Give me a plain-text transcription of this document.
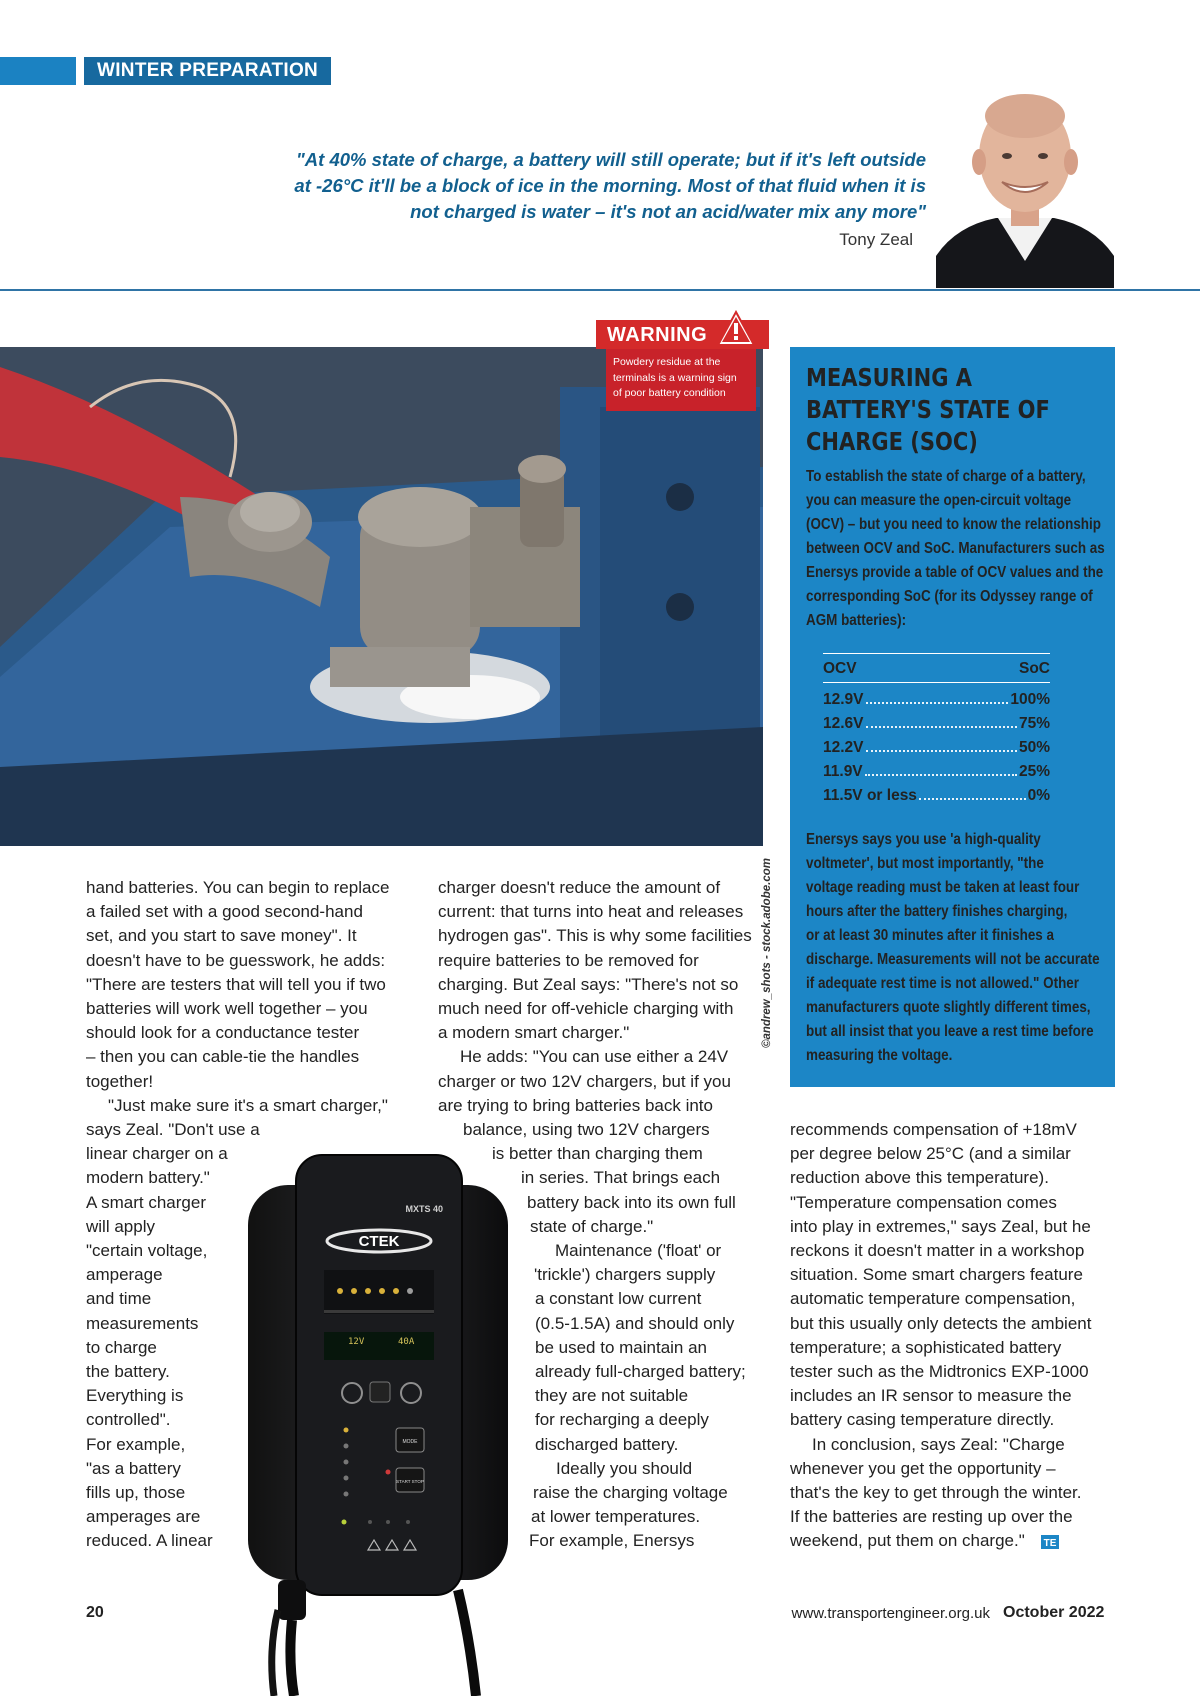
WINTER PREPARATION
"At 40% state of charge, a battery will still operate; but if it's left outside
at -26°C it'll be a block of ice in the morning. Most of that fluid when it is
not charged is water – it's not an acid/water mix any more"
Tony Zeal
©andrew_shots - stock.adobe.com
WARNING
Powdery residue at the
terminals is a warning sign
of poor battery condition
MEASURING A
BATTERY'S STATE OF
CHARGE (SOC)
To establish the state of charge of a battery,
you can measure the open-circuit voltage
(OCV) – but you need to know the relationship
between OCV and SoC. Manufacturers such as
Enersys provide a table of OCV values and the
corresponding SoC (for its Odyssey range of
AGM batteries):
OCV	SoC
12.9V	100%
12.6V	75%
12.2V	50%
11.9V	25%
11.5V or less	0%
Enersys says you use 'a high-quality
voltmeter', but most importantly, "the
voltage reading must be taken at least four
hours after the battery finishes charging,
or at least 30 minutes after it finishes a
discharge. Measurements will not be accurate
if adequate rest time is not allowed." Other
manufacturers quote slightly different times,
but all insist that you leave a rest time before
measuring the voltage.
hand batteries. You can begin to replace
a failed set with a good second-hand
set, and you start to save money". It
doesn't have to be guesswork, he adds:
"There are testers that will tell you if two
batteries will work well together – you
should look for a conductance tester
– then you can cable-tie the handles
together!
"Just make sure it's a smart charger,"
says Zeal. "Don't use a
linear charger on a
modern battery."
A smart charger
will apply
"certain voltage,
amperage
and time
measurements
to charge
the battery.
Everything is
controlled".
For example,
"as a battery
fills up, those
amperages are
reduced. A linear
charger doesn't reduce the amount of
current: that turns into heat and releases
hydrogen gas". This is why some facilities
require batteries to be removed for
charging. But Zeal says: "There's not so
much need for off-vehicle charging with
a modern smart charger."
He adds: "You can use either a 24V
charger or two 12V chargers, but if you
are trying to bring batteries back into
balance, using two 12V chargers
is better than charging them
in series. That brings each
battery back into its own full
state of charge."
Maintenance ('float' or
'trickle') chargers supply
a constant low current
(0.5-1.5A) and should only
be used to maintain an
already full-charged battery;
they are not suitable
for recharging a deeply
discharged battery.
Ideally you should
raise the charging voltage
at lower temperatures.
For example, Enersys
recommends compensation of +18mV
per degree below 25°C (and a similar
reduction above this temperature).
"Temperature compensation comes
into play in extremes," says Zeal, but he
reckons it doesn't matter in a workshop
situation. Some smart chargers feature
automatic temperature compensation,
but this usually only detects the ambient
temperature; a sophisticated battery
tester such as the Midtronics EXP-1000
includes an IR sensor to measure the
battery casing temperature directly.
In conclusion, says Zeal: "Charge
whenever you get the opportunity –
that's the key to get through the winter.
If the batteries are resting up over the
weekend, put them on charge."	TE
MXTS 40
CTEK
12V	40A
MODE
START STOP
20	www.transportengineer.org.uk October 2022
